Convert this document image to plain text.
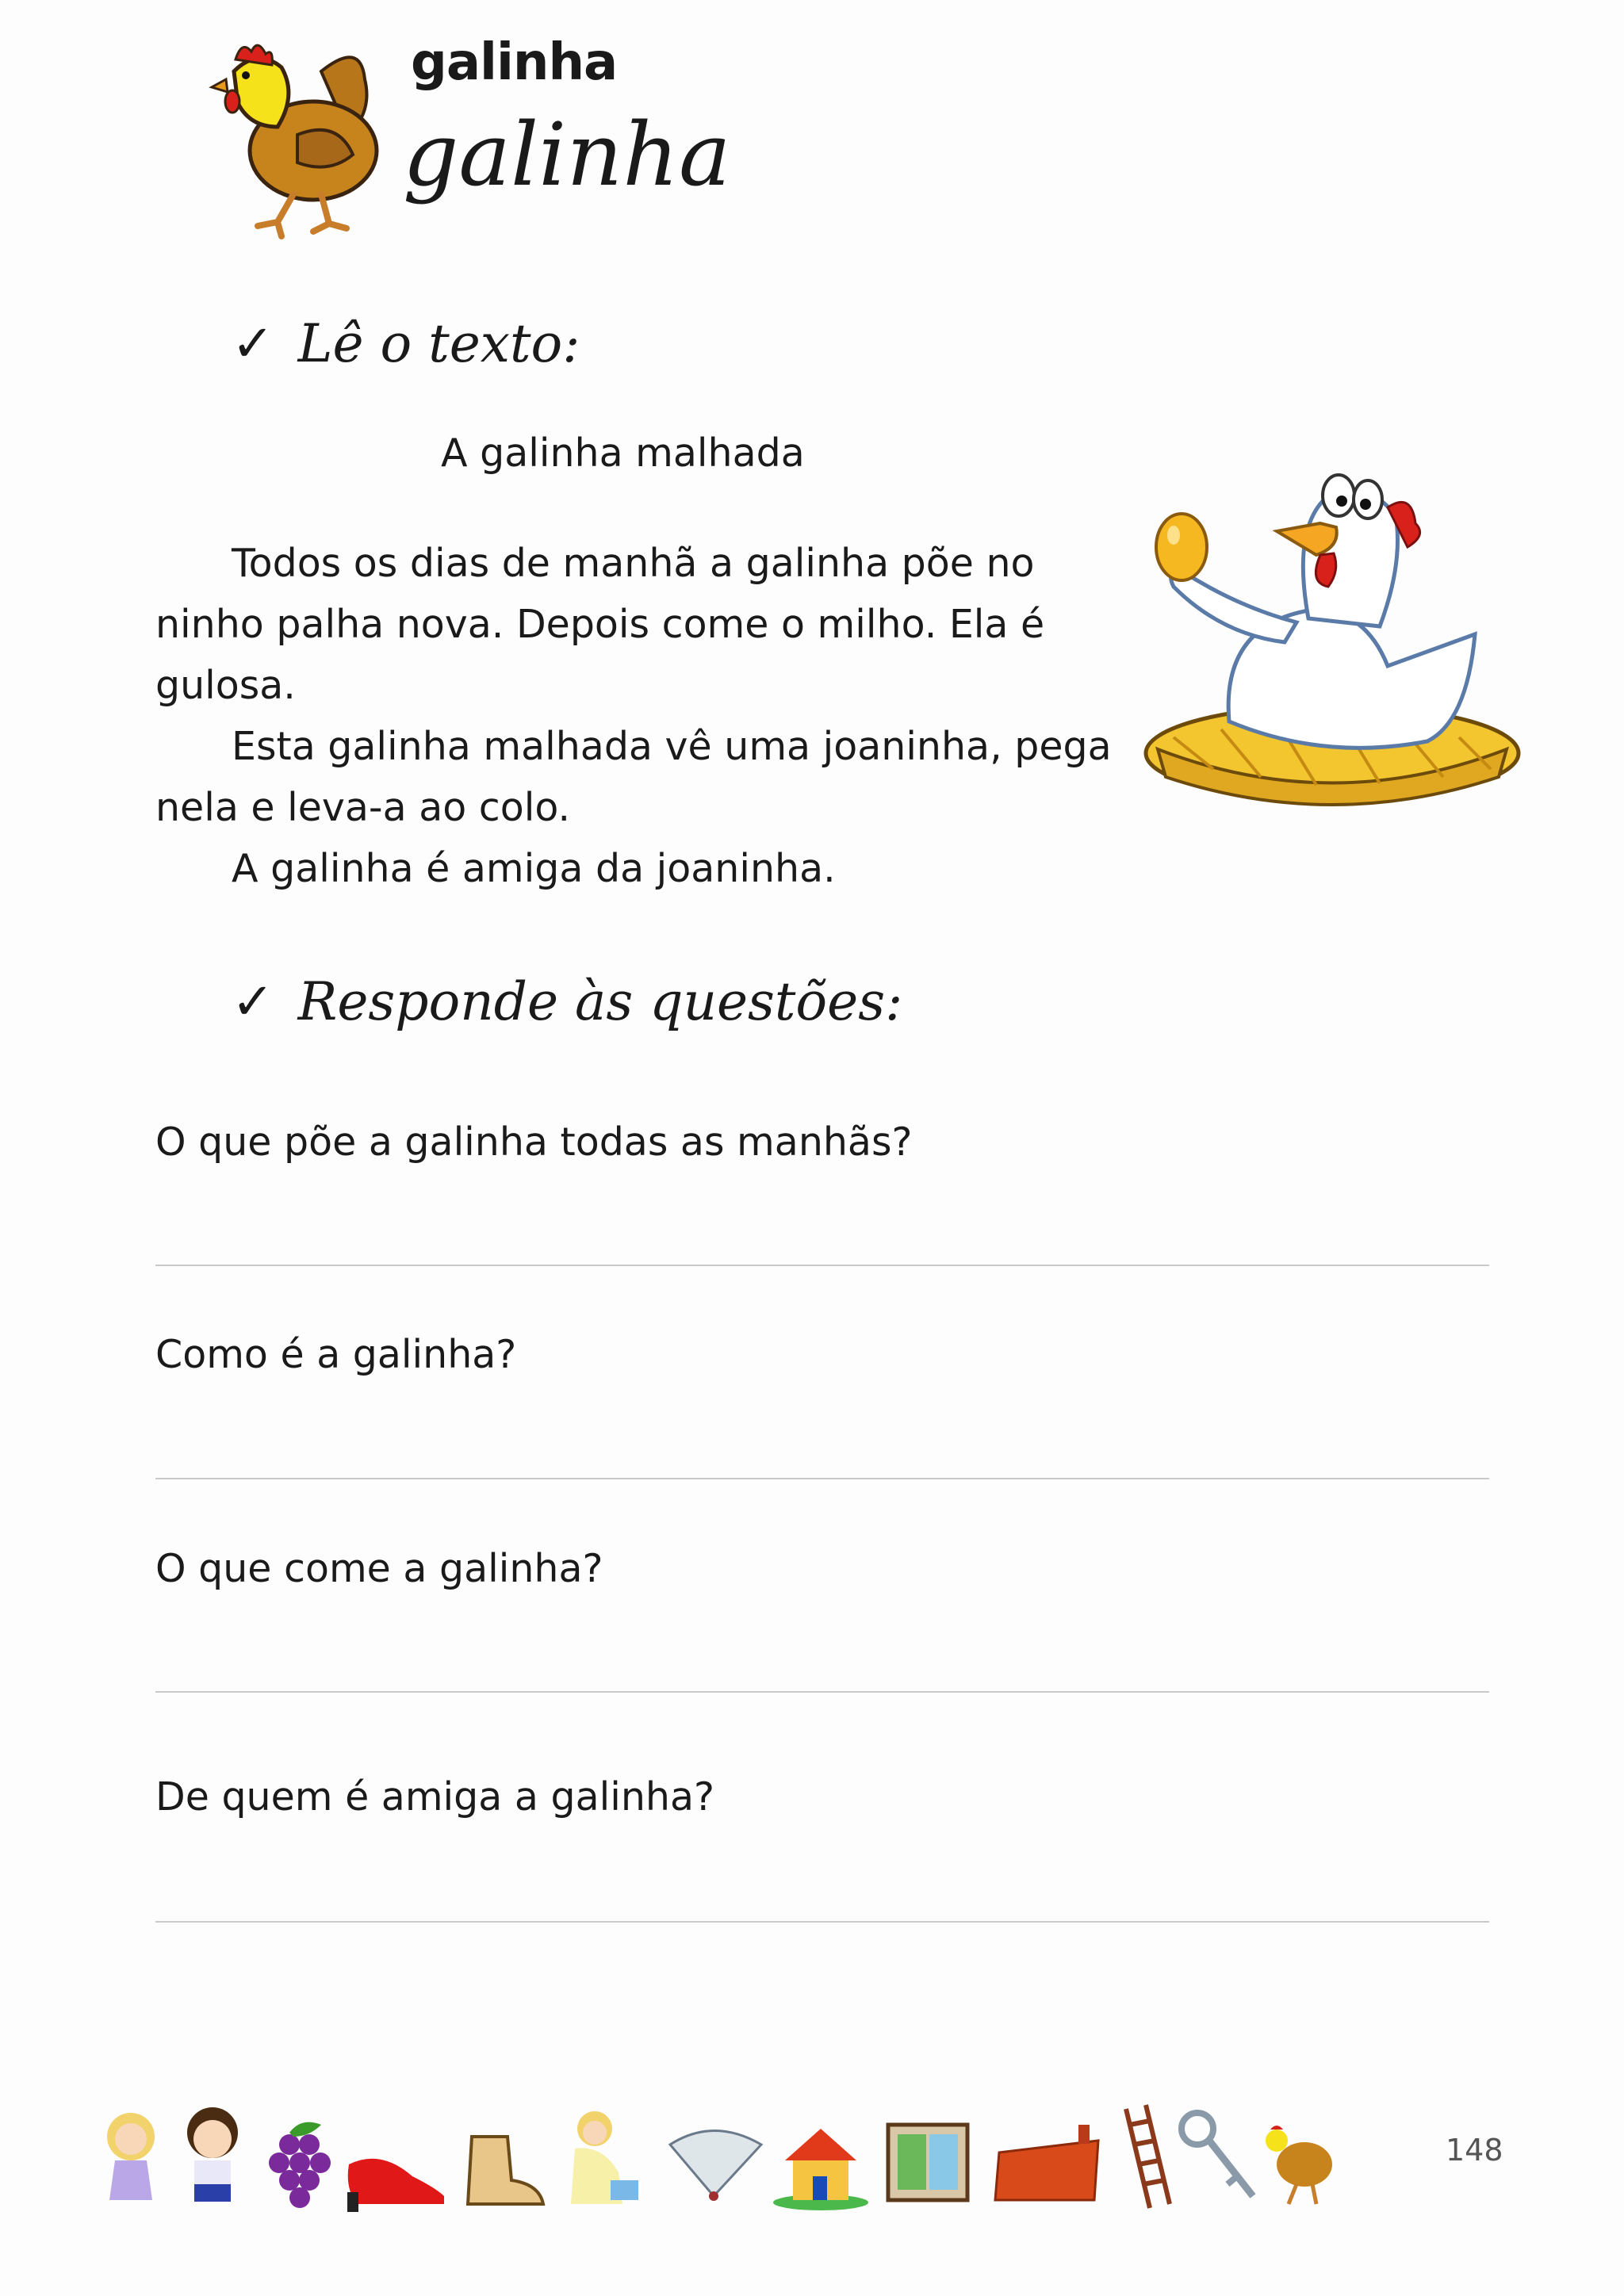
galinha
galinha
✓ Lê o texto:
A galinha malhada

Todos os dias de manhã a galinha põe no ninho palha nova. Depois come o milho. Ela é gulosa.

Esta galinha malhada vê uma joaninha, pega nela e leva-a ao colo.

A galinha é amiga da joaninha.

✓ Responde às questões:
O que põe a galinha todas as manhãs?
Como é a galinha?
O que come a galinha?
De quem é amiga a galinha?
148
